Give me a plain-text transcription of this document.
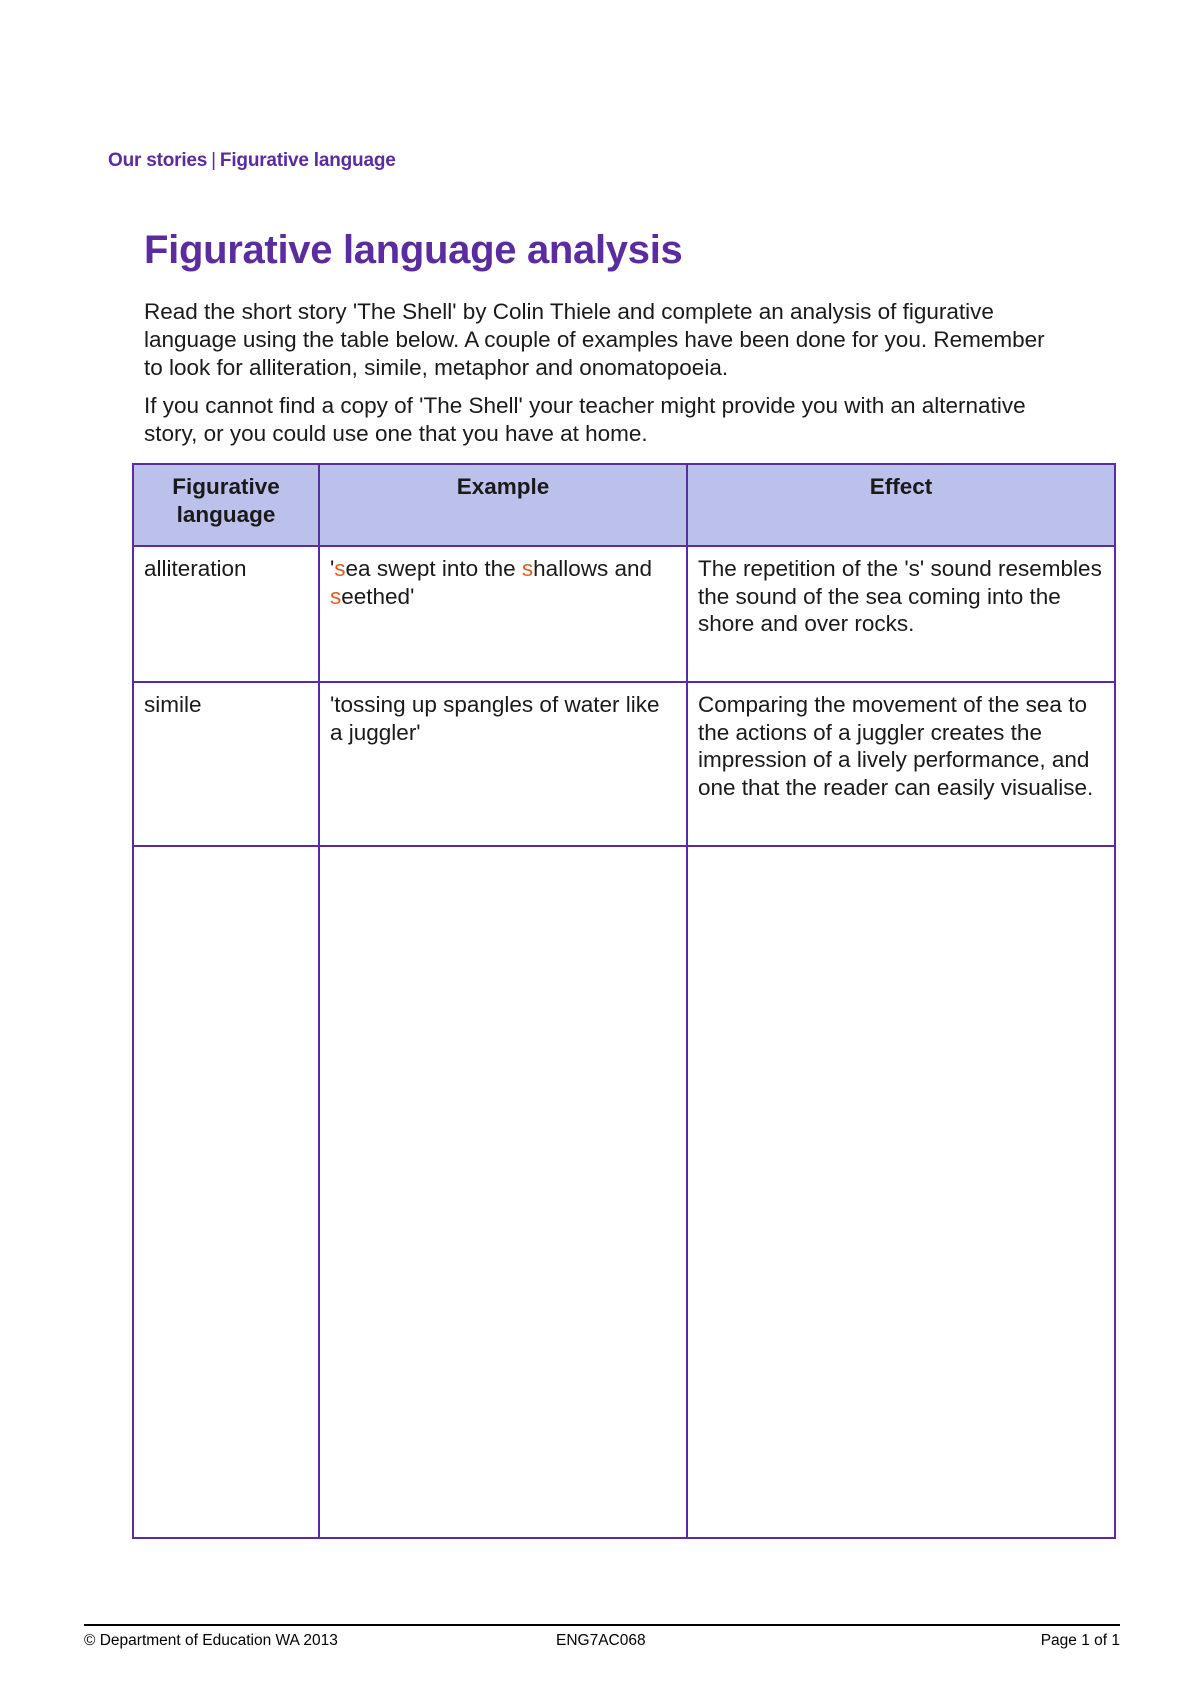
Our stories | Figurative language
Figurative language analysis

Read the short story 'The Shell' by Colin Thiele and complete an analysis of figurative language using the table below. A couple of examples have been done for you. Remember to look for alliteration, simile, metaphor and onomatopoeia.

If you cannot find a copy of 'The Shell' your teacher might provide you with an alternative story, or you could use one that you have at home.

Figurative language	Example	Effect
alliteration	'sea swept into the shallows and seethed'	The repetition of the 's' sound resembles the sound of the sea coming into the shore and over rocks.
simile	'tossing up spangles of water like a juggler'	Comparing the movement of the sea to the actions of a juggler creates the impression of a lively performance, and one that the reader can easily visualise.

© Department of Education WA 2013	ENG7AC068	Page 1 of 1
